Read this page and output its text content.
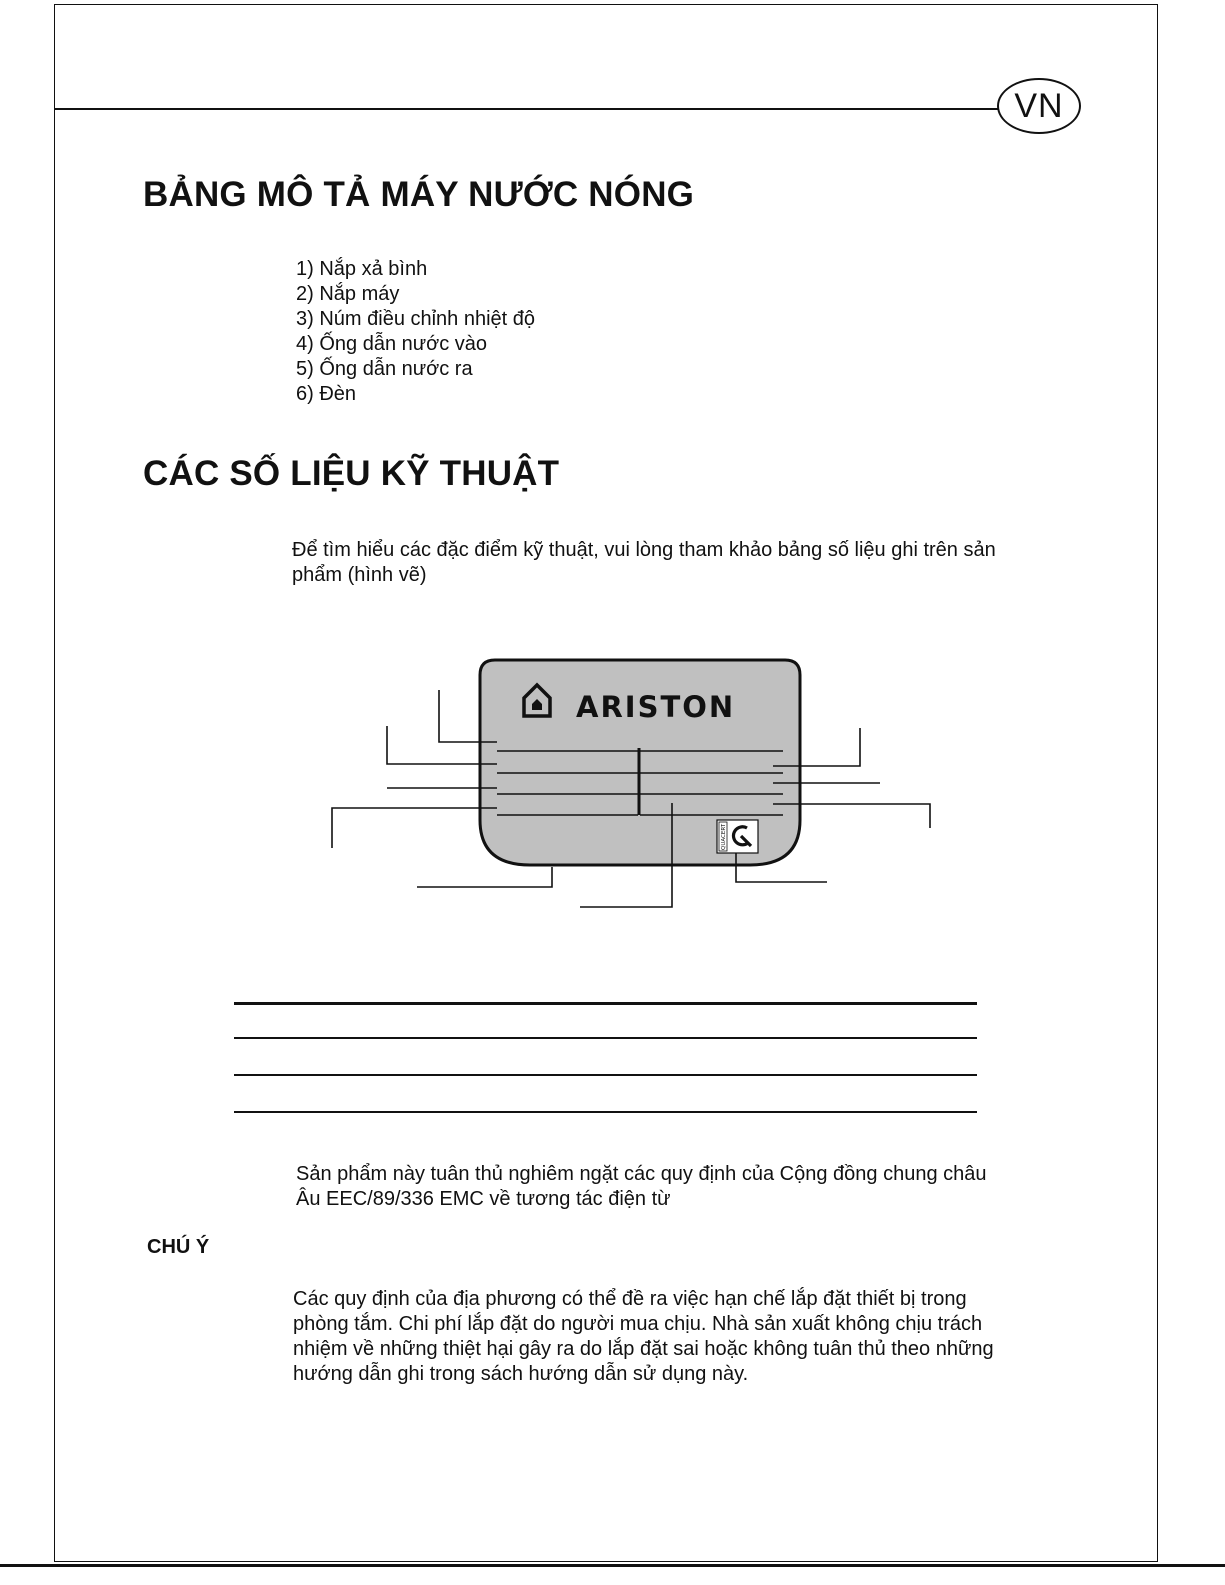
VN
BẢNG MÔ TẢ MÁY NƯỚC NÓNG
1) Nắp xả bình
2) Nắp máy
3) Núm điều chỉnh nhiệt độ
4) Ống dẫn nước vào
5) Ống dẫn nước ra
6) Đèn
CÁC SỐ LIỆU KỸ THUẬT

Để tìm hiểu các đặc điểm kỹ thuật, vui lòng tham khảo bảng số liệu ghi trên sản phẩm (hình vẽ)

ARISTON
QUACERT

Sản phẩm này tuân thủ nghiêm ngặt các quy định của Cộng đồng chung châu Âu EEC/89/336 EMC về tương tác điện từ

CHÚ Ý

Các quy định của địa phương có thể đề ra việc hạn chế lắp đặt thiết bị trong phòng tắm. Chi phí lắp đặt do người mua chịu. Nhà sản xuất không chịu trách nhiệm về những thiệt hại gây ra do lắp đặt sai hoặc không tuân thủ theo những hướng dẫn ghi trong sách hướng dẫn sử dụng này.
